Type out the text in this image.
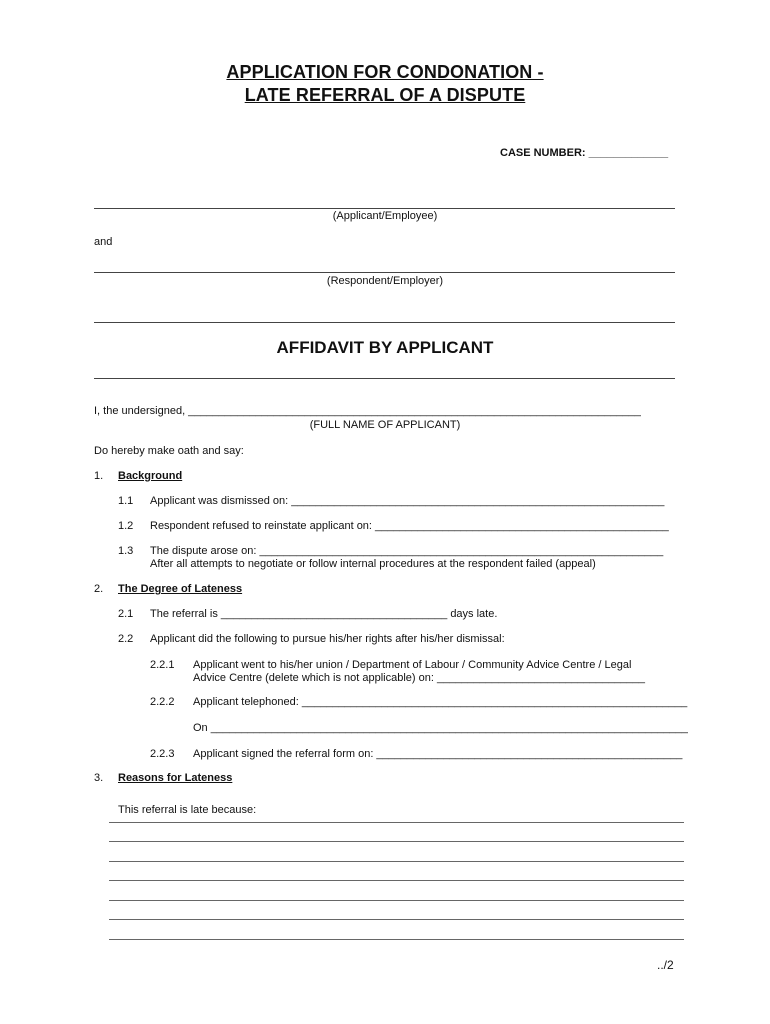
APPLICATION FOR CONDONATION -
LATE REFERRAL OF A DISPUTE
CASE NUMBER: _____________
(Applicant/Employee)
and
(Respondent/Employer)
AFFIDAVIT BY APPLICANT
I, the undersigned, __________________________________________________________________________
(FULL NAME OF APPLICANT)
Do hereby make oath and say:
1. Background
1.1 Applicant was dismissed on: _____________________________________________________________
1.2 Respondent refused to reinstate applicant on: ________________________________________________
1.3 The dispute arose on: __________________________________________________________________
After all attempts to negotiate or follow internal procedures at the respondent failed (appeal)
2. The Degree of Lateness
2.1 The referral is _____________________________________ days late.
2.2 Applicant did the following to pursue his/her rights after his/her dismissal:
2.2.1 Applicant went to his/her union / Department of Labour / Community Advice Centre / Legal
Advice Centre (delete which is not applicable) on: __________________________________
2.2.2 Applicant telephoned: _______________________________________________________________
On ______________________________________________________________________________
2.2.3 Applicant signed the referral form on: __________________________________________________
3. Reasons for Lateness
This referral is late because:
../2
